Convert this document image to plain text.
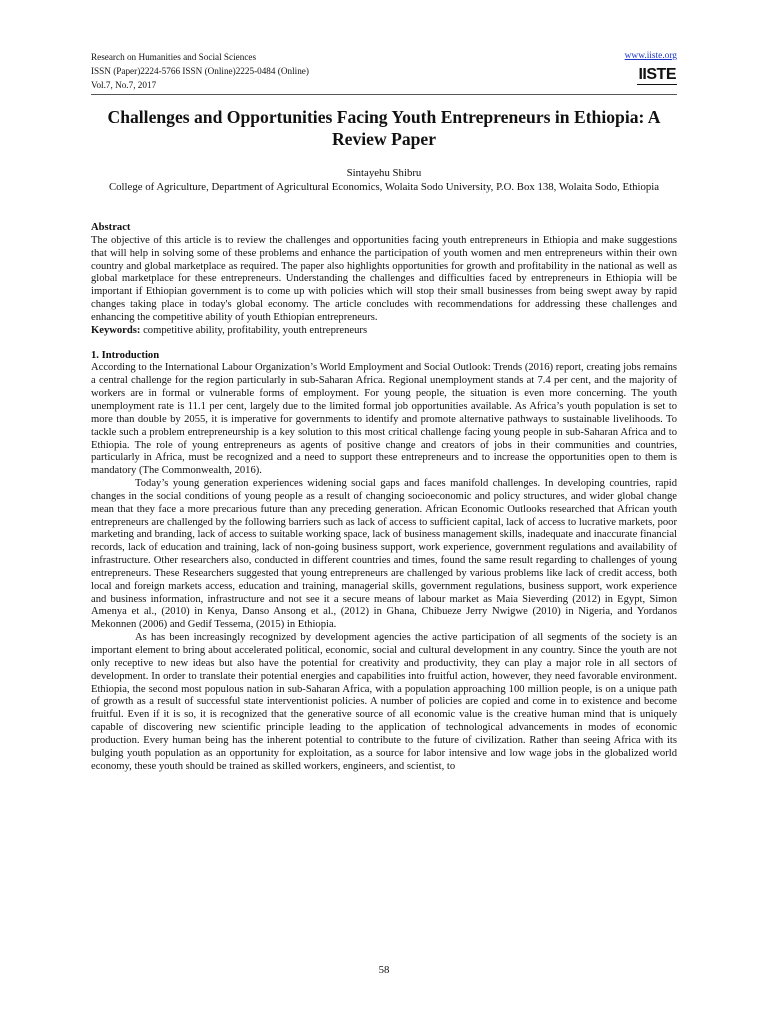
Research on Humanities and Social Sciences
ISSN (Paper)2224-5766 ISSN (Online)2225-0484 (Online)
Vol.7, No.7, 2017
www.iiste.org
IISTE
Challenges and Opportunities Facing Youth Entrepreneurs in Ethiopia: A Review Paper
Sintayehu Shibru
College of Agriculture, Department of Agricultural Economics, Wolaita Sodo University, P.O. Box 138, Wolaita Sodo, Ethiopia
Abstract

The objective of this article is to review the challenges and opportunities facing youth entrepreneurs in Ethiopia and make suggestions that will help in solving some of these problems and enhance the participation of youth women and men entrepreneurs within their own country and global marketplace as required. The paper also highlights opportunities for growth and profitability in the national as well as global marketplace for these entrepreneurs. Understanding the challenges and difficulties faced by entrepreneurs in Ethiopia will be important if Ethiopian government is to come up with policies which will stop their small businesses from being swept away by rapid changes taking place in today's global economy. The article concludes with recommendations for addressing these challenges and enhancing the competitive ability of youth Ethiopian entrepreneurs.

Keywords: competitive ability, profitability, youth entrepreneurs

1. Introduction

According to the International Labour Organization’s World Employment and Social Outlook: Trends (2016) report, creating jobs remains a central challenge for the region particularly in sub-Saharan Africa. Regional unemployment stands at 7.4 per cent, and the majority of workers are in formal or vulnerable forms of employment. For young people, the situation is even more concerning. The youth unemployment rate is 11.1 per cent, largely due to the limited formal job opportunities available. As Africa’s youth population is set to more than double by 2055, it is imperative for governments to identify and promote alternative pathways to sustainable livelihoods. To tackle such a problem entrepreneurship is a key solution to this most critical challenge facing young people in sub-Saharan Africa and to Ethiopia. The role of young entrepreneurs as agents of positive change and creators of jobs in their communities and countries, particularly in Africa, must be recognized and a need to support these entrepreneurs and to increase the opportunities open to them is mandatory (The Commonwealth, 2016).

Today’s young generation experiences widening social gaps and faces manifold challenges. In developing countries, rapid changes in the social conditions of young people as a result of changing socioeconomic and policy structures, and wider global change mean that they face a more precarious future than any preceding generation. African Economic Outlooks researched that African youth entrepreneurs are challenged by the following barriers such as lack of access to sufficient capital, lack of access to lucrative markets, poor marketing and branding, lack of access to suitable working space, lack of business management skills, inadequate and inaccurate financial records, lack of education and training, lack of non-going business support, work experience, government regulations and availability of infrastructure. Other researchers also, conducted in different countries and times, found the same result regarding to challenges of young entrepreneurs. These Researchers suggested that young entrepreneurs are challenged by various problems like lack of credit access, both local and foreign markets access, education and training, managerial skills, government regulations, business support, work experience and business information, infrastructure and not see it a secure means of labour market as Maia Sieverding (2012) in Egypt, Simon Amenya et al., (2010) in Kenya, Danso Ansong et al., (2012) in Ghana, Chibueze Jerry Nwigwe (2010) in Nigeria, and Yordanos Mekonnen (2006) and Gedif Tessema, (2015) in Ethiopia.

As has been increasingly recognized by development agencies the active participation of all segments of the society is an important element to bring about accelerated political, economic, social and cultural development in any country. Since the youth are not only receptive to new ideas but also have the potential for creativity and productivity, they can play a major role in all sectors of development. In order to translate their potential energies and capabilities into fruitful action, however, they need favorable environment. Ethiopia, the second most populous nation in sub-Saharan Africa, with a population approaching 100 million people, is on a unique path of growth as a result of successful state interventionist policies. A number of policies are copied and come in to existence and become fruitful. Even if it is so, it is recognized that the generative source of all economic value is the creative human mind that is uniquely capable of discovering new scientific principle leading to the application of technological advancements in modes of economic production. Every human being has the inherent potential to contribute to the future of civilization. Rather than seeing Africa with its bulging youth population as an opportunity for exploitation, as a source for labor intensive and low wage jobs in the globalized world economy, these youth should be trained as skilled workers, engineers, and scientist, to

58
